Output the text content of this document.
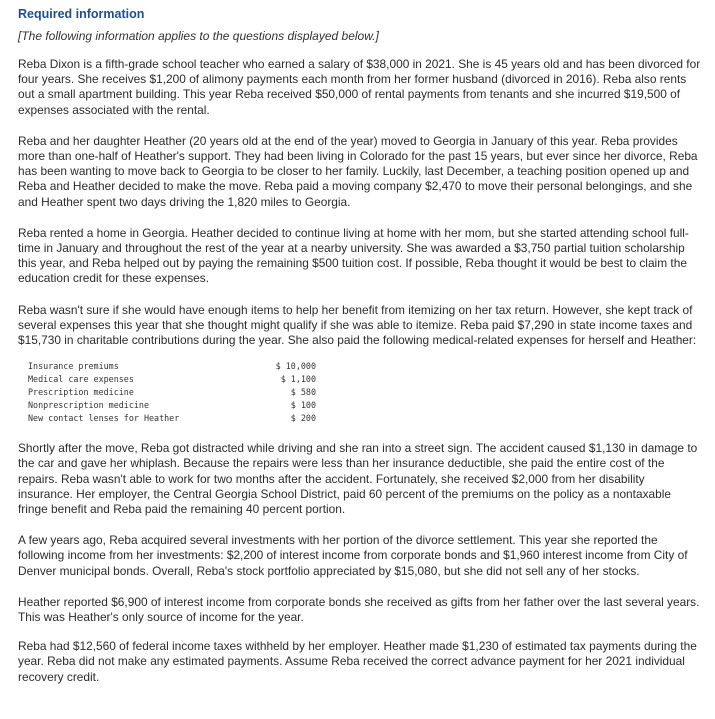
Required information
[The following information applies to the questions displayed below.]

Reba Dixon is a fifth-grade school teacher who earned a salary of $38,000 in 2021. She is 45 years old and has been divorced for four years. She receives $1,200 of alimony payments each month from her former husband (divorced in 2016). Reba also rents out a small apartment building. This year Reba received $50,000 of rental payments from tenants and she incurred $19,500 of expenses associated with the rental.

Reba and her daughter Heather (20 years old at the end of the year) moved to Georgia in January of this year. Reba provides more than one-half of Heather's support. They had been living in Colorado for the past 15 years, but ever since her divorce, Reba has been wanting to move back to Georgia to be closer to her family. Luckily, last December, a teaching position opened up and Reba and Heather decided to make the move. Reba paid a moving company $2,470 to move their personal belongings, and she and Heather spent two days driving the 1,820 miles to Georgia.

Reba rented a home in Georgia. Heather decided to continue living at home with her mom, but she started attending school full-time in January and throughout the rest of the year at a nearby university. She was awarded a $3,750 partial tuition scholarship this year, and Reba helped out by paying the remaining $500 tuition cost. If possible, Reba thought it would be best to claim the education credit for these expenses.

Reba wasn't sure if she would have enough items to help her benefit from itemizing on her tax return. However, she kept track of several expenses this year that she thought might qualify if she was able to itemize. Reba paid $7,290 in state income taxes and $15,730 in charitable contributions during the year. She also paid the following medical-related expenses for herself and Heather:

Insurance premiums	$ 10,000
Medical care expenses	$ 1,100
Prescription medicine	$ 580
Nonprescription medicine	$ 100
New contact lenses for Heather	$ 200

Shortly after the move, Reba got distracted while driving and she ran into a street sign. The accident caused $1,130 in damage to the car and gave her whiplash. Because the repairs were less than her insurance deductible, she paid the entire cost of the repairs. Reba wasn't able to work for two months after the accident. Fortunately, she received $2,000 from her disability insurance. Her employer, the Central Georgia School District, paid 60 percent of the premiums on the policy as a nontaxable fringe benefit and Reba paid the remaining 40 percent portion.

A few years ago, Reba acquired several investments with her portion of the divorce settlement. This year she reported the following income from her investments: $2,200 of interest income from corporate bonds and $1,960 interest income from City of Denver municipal bonds. Overall, Reba's stock portfolio appreciated by $15,080, but she did not sell any of her stocks.

Heather reported $6,900 of interest income from corporate bonds she received as gifts from her father over the last several years. This was Heather's only source of income for the year.

Reba had $12,560 of federal income taxes withheld by her employer. Heather made $1,230 of estimated tax payments during the year. Reba did not make any estimated payments. Assume Reba received the correct advance payment for her 2021 individual recovery credit.
